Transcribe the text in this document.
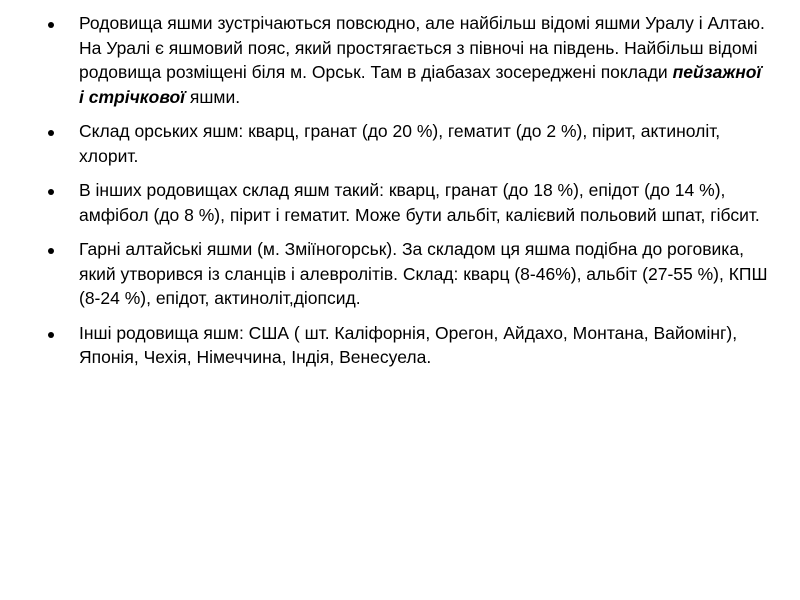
Родовища яшми зустрічаються повсюдно, але найбільш відомі яшми Уралу і Алтаю. На Уралі є яшмовий пояс, який простягається з півночі на південь. Найбільш відомі родовища розміщені біля м. Орськ. Там в діабазах зосереджені поклади пейзажної і стрічкової яшми.
Склад орських яшм: кварц, гранат (до 20 %), гематит (до 2 %), пірит, актиноліт, хлорит.
В інших родовищах склад яшм такий: кварц, гранат (до 18 %), епідот (до 14 %), амфібол (до 8 %), пірит і гематит. Може бути альбіт, калієвий польовий шпат, гібсит.
Гарні алтайські яшми (м. Зміїногорськ). За складом ця яшма подібна до роговика, який утворився із сланців і алевролітів. Склад: кварц (8-46%), альбіт (27-55 %), КПШ (8-24 %), епідот, актиноліт,діопсид.
Інші родовища яшм: США ( шт. Каліфорнія, Орегон, Айдахо, Монтана, Вайомінг), Японія, Чехія, Німеччина, Індія, Венесуела.
